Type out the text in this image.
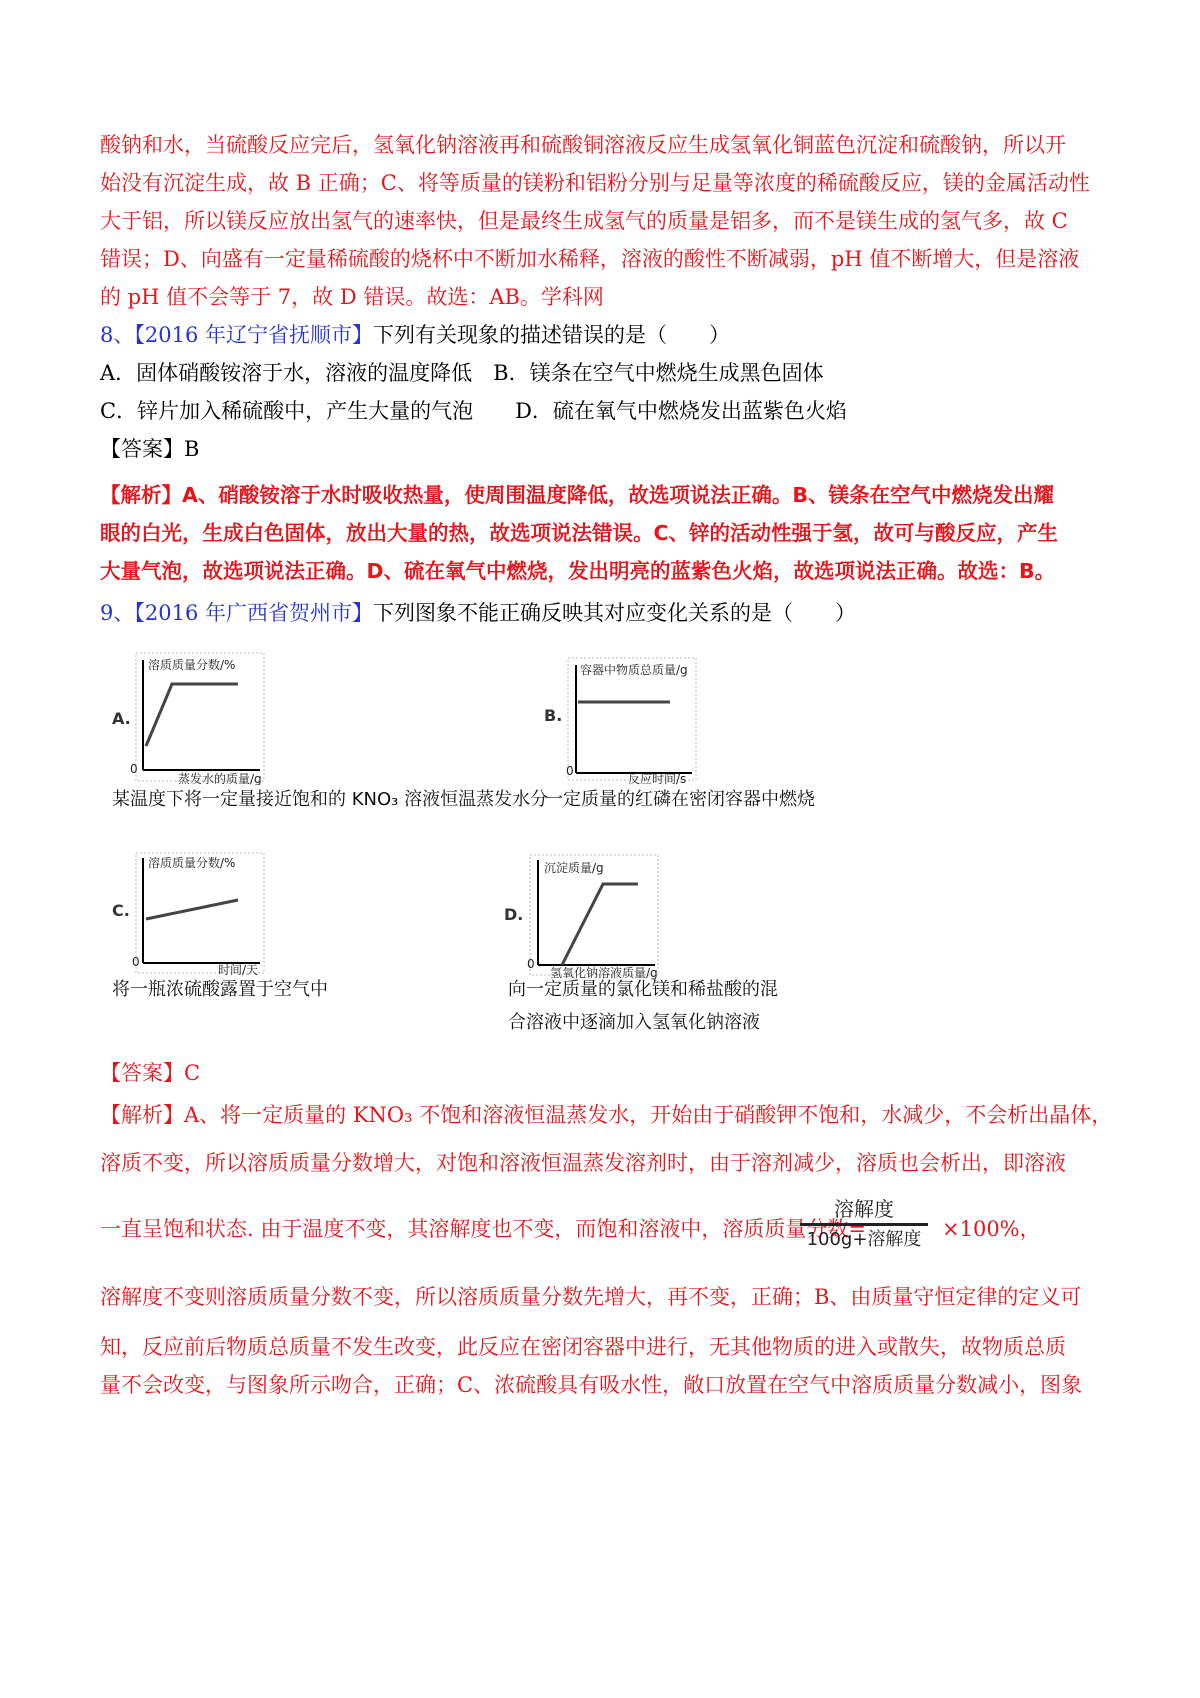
酸钠和水，当硫酸反应完后，氢氧化钠溶液再和硫酸铜溶液反应生成氢氧化铜蓝色沉淀和硫酸钠，所以开
始没有沉淀生成，故 B 正确；C、将等质量的镁粉和铝粉分别与足量等浓度的稀硫酸反应，镁的金属活动性
大于铝，所以镁反应放出氢气的速率快，但是最终生成氢气的质量是铝多，而不是镁生成的氢气多，故 C
错误；D、向盛有一定量稀硫酸的烧杯中不断加水稀释，溶液的酸性不断减弱，pH 值不断增大，但是溶液
的 pH 值不会等于 7，故 D 错误。故选：AB。学科网
8、【2016 年辽宁省抚顺市】下列有关现象的描述错误的是（　　）
A．固体硝酸铵溶于水，溶液的温度降低　B．镁条在空气中燃烧生成黑色固体
C．锌片加入稀硫酸中，产生大量的气泡　　D．硫在氧气中燃烧发出蓝紫色火焰
【答案】B
【解析】A、硝酸铵溶于水时吸收热量，使周围温度降低，故选项说法正确。B、镁条在空气中燃烧发出耀
眼的白光，生成白色固体，放出大量的热，故选项说法错误。C、锌的活动性强于氢，故可与酸反应，产生
大量气泡，故选项说法正确。D、硫在氧气中燃烧，发出明亮的蓝紫色火焰，故选项说法正确。故选：B。
9、【2016 年广西省贺州市】下列图象不能正确反映其对应变化关系的是（　　）
A.
溶质质量分数/%
蒸发水的质量/g
0
某温度下将一定量接近饱和的 KNO₃ 溶液恒温蒸发水分
B.
容器中物质总质量/g
反应时间/s
0
一定质量的红磷在密闭容器中燃烧
C.
溶质质量分数/%
时间/天
0
将一瓶浓硫酸露置于空气中
D.
沉淀质量/g
氢氧化钠溶液质量/g
0
向一定质量的氯化镁和稀盐酸的混
合溶液中逐滴加入氢氧化钠溶液
【答案】C
【解析】A、将一定质量的 KNO₃ 不饱和溶液恒温蒸发水，开始由于硝酸钾不饱和，水减少，不会析出晶体，
溶质不变，所以溶质质量分数增大，对饱和溶液恒温蒸发溶剂时，由于溶剂减少，溶质也会析出，即溶液
一直呈饱和状态. 由于温度不变，其溶解度也不变，而饱和溶液中，溶质质量分数=
溶解度
100g+溶解度 ×100%，
溶解度不变则溶质质量分数不变，所以溶质质量分数先增大，再不变，正确；B、由质量守恒定律的定义可
知，反应前后物质总质量不发生改变，此反应在密闭容器中进行，无其他物质的进入或散失，故物质总质
量不会改变，与图象所示吻合，正确；C、浓硫酸具有吸水性，敞口放置在空气中溶质质量分数减小，图象
